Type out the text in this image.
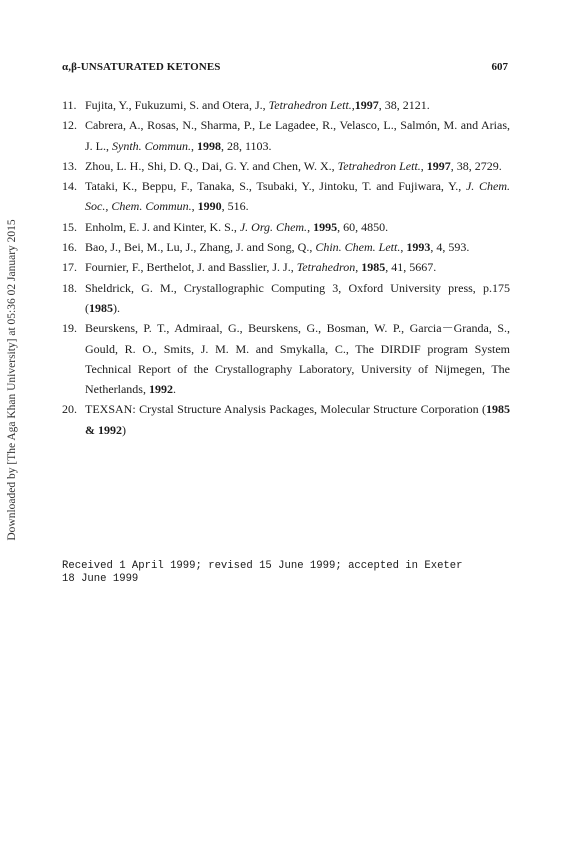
Downloaded by [The Aga Khan University] at 05:36 02 January 2015
α,β-UNSATURATED KETONES	607
11. Fujita, Y., Fukuzumi, S. and Otera, J., Tetrahedron Lett.,1997, 38, 2121.
12. Cabrera, A., Rosas, N., Sharma, P., Le Lagadee, R., Velasco, L., Salmón, M. and Arias, J. L., Synth. Commun., 1998, 28, 1103.
13. Zhou, L. H., Shi, D. Q., Dai, G. Y. and Chen, W. X., Tetrahedron Lett., 1997, 38, 2729.
14. Tataki, K., Beppu, F., Tanaka, S., Tsubaki, Y., Jintoku, T. and Fujiwara, Y., J. Chem. Soc., Chem. Commun., 1990, 516.
15. Enholm, E. J. and Kinter, K. S., J. Org. Chem., 1995, 60, 4850.
16. Bao, J., Bei, M., Lu, J., Zhang, J. and Song, Q., Chin. Chem. Lett., 1993, 4, 593.
17. Fournier, F., Berthelot, J. and Basslier, J. J., Tetrahedron, 1985, 41, 5667.
18. Sheldrick, G. M., Crystallographic Computing 3, Oxford University press, p.175 (1985).
19. Beurskens, P. T., Admiraal, G., Beurskens, G., Bosman, W. P., Garcia－Granda, S., Gould, R. O., Smits, J. M. M. and Smykalla, C., The DIRDIF program System Technical Report of the Crystallography Laboratory, University of Nijmegen, The Netherlands, 1992.
20. TEXSAN: Crystal Structure Analysis Packages, Molecular Structure Corporation (1985 & 1992)
Received 1 April 1999; revised 15 June 1999; accepted in Exeter
18 June 1999
